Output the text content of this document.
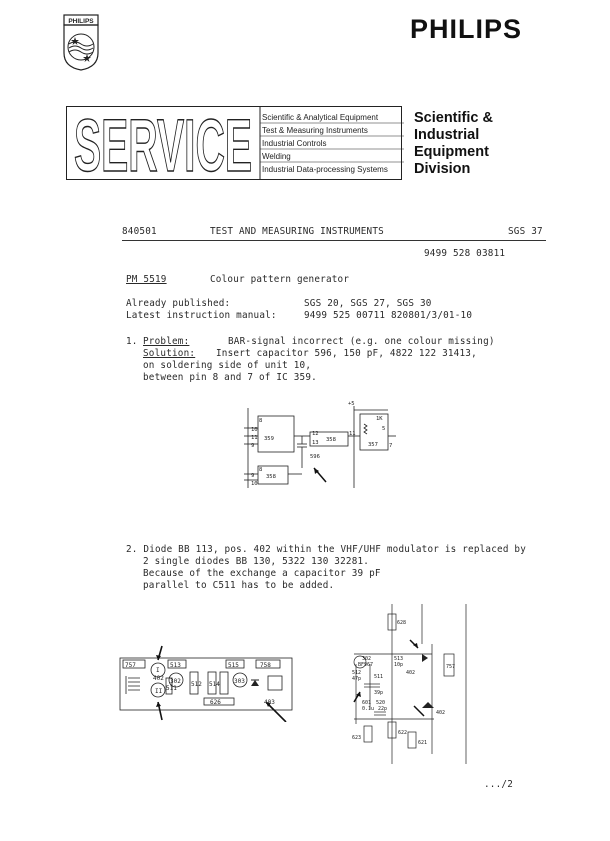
PHILIPS	PHILIPS
SERVICE Scientific & Analytical Equipment
Test & Measuring Instruments
Industrial Controls
Welding
Industrial Data-processing Systems
Scientific &
Industrial
Equipment
Division
840501	TEST AND MEASURING INSTRUMENTS	SGS 37
9499 528 03811
PM 5519	Colour pattern generator
Already published:	SGS 20, SGS 27, SGS 30
Latest instruction manual:	9499 525 00711 820801/3/01-10
1. Problem:	BAR-signal incorrect (e.g. one colour missing)
Solution: Insert capacitor 596, 150 pF, 4822 122 31413,
on soldering side of unit 10,
between pin 8 and 7 of IC 359.
359	358
358
357
596
+5
8
10
11
9
12
13
11
8
9
10
7
1K
5
2. Diode BB 113, pos. 402 within the VHF/UHF modulator is replaced by
2 single diodes BB 130, 5322 130 32281.
Because of the exchange a capacitor 39 pF
parallel to C511 has to be added.
757	513	515	758
302 512 514 303
511
402
626	403
I
II
628
302
BF967
513
10p
512
47p	511
39p
402
757
601 520
22p
0.1u
402
623
622
621
.../2
